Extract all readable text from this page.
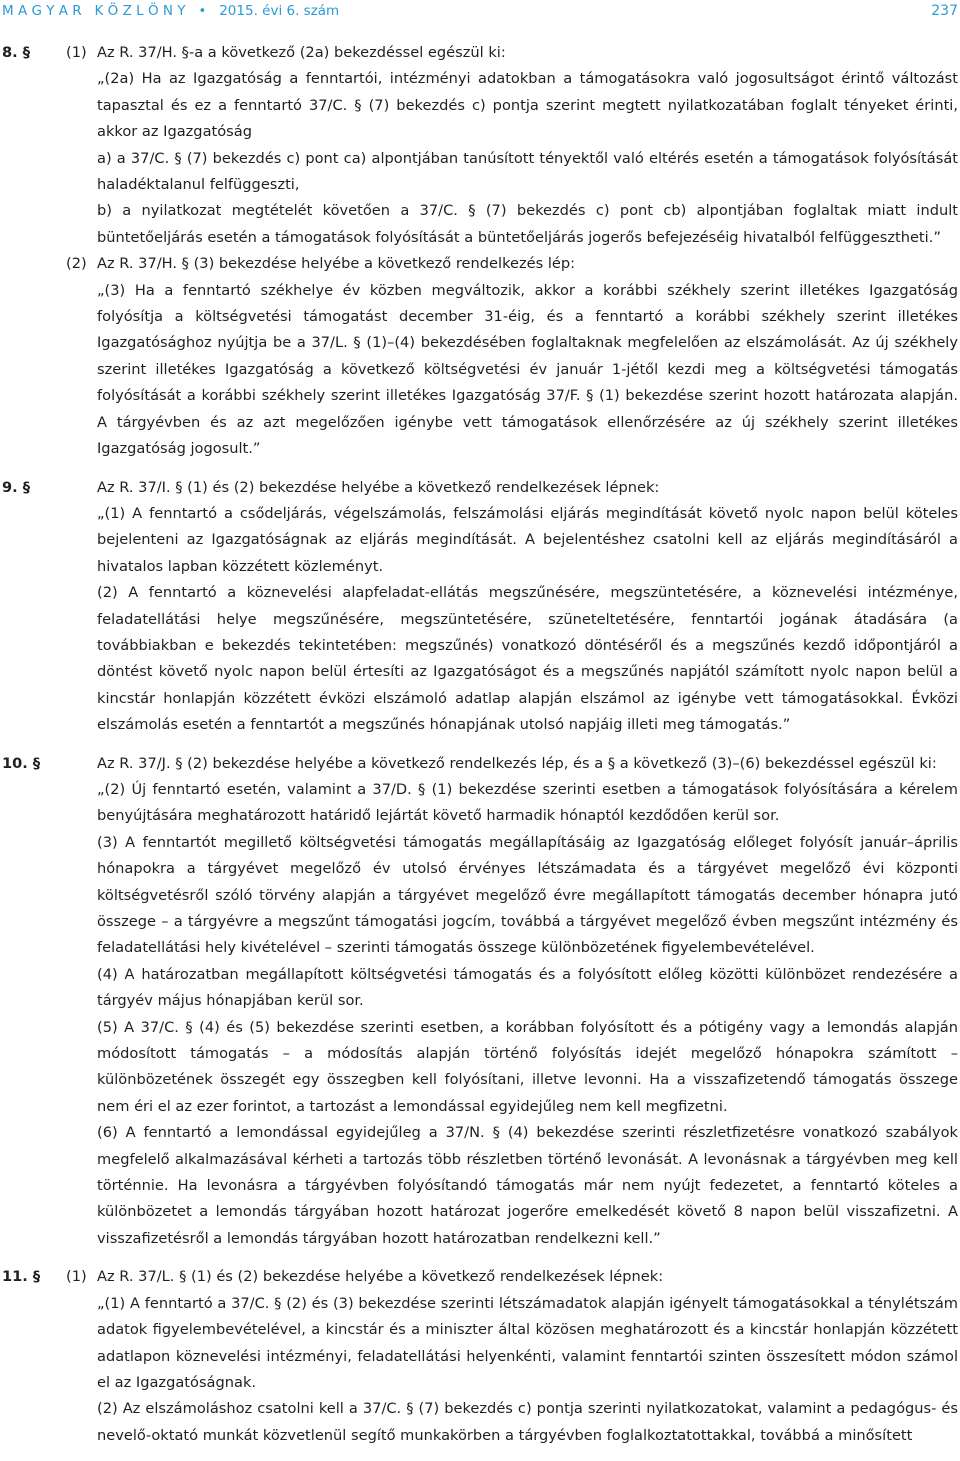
M A G Y A R   K Ö Z L Ö N Y   •   2015. évi 6. szám	237
8. § (1) Az R. 37/H. §-a a következő (2a) bekezdéssel egészül ki:

„(2a) Ha az Igazgatóság a fenntartói, intézményi adatokban a támogatásokra való jogosultságot érintő változást tapasztal és ez a fenntartó 37/C. § (7) bekezdés c) pontja szerint megtett nyilatkozatában foglalt tényeket érinti, akkor az Igazgatóság

a) a 37/C. § (7) bekezdés c) pont ca) alpontjában tanúsított tényektől való eltérés esetén a támogatások folyósítását haladéktalanul felfüggeszti,

b) a nyilatkozat megtételét követően a 37/C. § (7) bekezdés c) pont cb) alpontjában foglaltak miatt indult büntetőeljárás esetén a támogatások folyósítását a büntetőeljárás jogerős befejezéséig hivatalból felfüggesztheti.”

(2) Az R. 37/H. § (3) bekezdése helyébe a következő rendelkezés lép:

„(3) Ha a fenntartó székhelye év közben megváltozik, akkor a korábbi székhely szerint illetékes Igazgatóság folyósítja a költségvetési támogatást december 31-éig, és a fenntartó a korábbi székhely szerint illetékes Igazgatósághoz nyújtja be a 37/L. § (1)–(4) bekezdésében foglaltaknak megfelelően az elszámolását. Az új székhely szerint illetékes Igazgatóság a következő költségvetési év január 1-jétől kezdi meg a költségvetési támogatás folyósítását a korábbi székhely szerint illetékes Igazgatóság 37/F. § (1) bekezdése szerint hozott határozata alapján. A tárgyévben és az azt megelőzően igénybe vett támogatások ellenőrzésére az új székhely szerint illetékes Igazgatóság jogosult.”

9. §	Az R. 37/I. § (1) és (2) bekezdése helyébe a következő rendelkezések lépnek:

„(1) A fenntartó a csődeljárás, végelszámolás, felszámolási eljárás megindítását követő nyolc napon belül köteles bejelenteni az Igazgatóságnak az eljárás megindítását. A bejelentéshez csatolni kell az eljárás megindításáról a hivatalos lapban közzétett közleményt.

(2) A fenntartó a köznevelési alapfeladat-ellátás megszűnésére, megszüntetésére, a köznevelési intézménye, feladatellátási helye megszűnésére, megszüntetésére, szüneteltetésére, fenntartói jogának átadására (a továbbiakban e bekezdés tekintetében: megszűnés) vonatkozó döntéséről és a megszűnés kezdő időpontjáról a döntést követő nyolc napon belül értesíti az Igazgatóságot és a megszűnés napjától számított nyolc napon belül a kincstár honlapján közzétett évközi elszámoló adatlap alapján elszámol az igénybe vett támogatásokkal. Évközi elszámolás esetén a fenntartót a megszűnés hónapjának utolsó napjáig illeti meg támogatás.”

10. §	Az R. 37/J. § (2) bekezdése helyébe a következő rendelkezés lép, és a § a következő (3)–(6) bekezdéssel egészül ki:

„(2) Új fenntartó esetén, valamint a 37/D. § (1) bekezdése szerinti esetben a támogatások folyósítására a kérelem benyújtására meghatározott határidő lejártát követő harmadik hónaptól kezdődően kerül sor.

(3) A fenntartót megillető költségvetési támogatás megállapításáig az Igazgatóság előleget folyósít január–április hónapokra a tárgyévet megelőző év utolsó érvényes létszámadata és a tárgyévet megelőző évi központi költségvetésről szóló törvény alapján a tárgyévet megelőző évre megállapított támogatás december hónapra jutó összege – a tárgyévre a megszűnt támogatási jogcím, továbbá a tárgyévet megelőző évben megszűnt intézmény és feladatellátási hely kivételével – szerinti támogatás összege különbözetének figyelembevételével.

(4) A határozatban megállapított költségvetési támogatás és a folyósított előleg közötti különbözet rendezésére a tárgyév május hónapjában kerül sor.

(5) A 37/C. § (4) és (5) bekezdése szerinti esetben, a korábban folyósított és a pótigény vagy a lemondás alapján módosított támogatás – a módosítás alapján történő folyósítás idejét megelőző hónapokra számított – különbözetének összegét egy összegben kell folyósítani, illetve levonni. Ha a visszafizetendő támogatás összege nem éri el az ezer forintot, a tartozást a lemondással egyidejűleg nem kell megfizetni.

(6) A fenntartó a lemondással egyidejűleg a 37/N. § (4) bekezdése szerinti részletfizetésre vonatkozó szabályok megfelelő alkalmazásával kérheti a tartozás több részletben történő levonását. A levonásnak a tárgyévben meg kell történnie. Ha levonásra a tárgyévben folyósítandó támogatás már nem nyújt fedezetet, a fenntartó köteles a különbözetet a lemondás tárgyában hozott határozat jogerőre emelkedését követő 8 napon belül visszafizetni. A visszafizetésről a lemondás tárgyában hozott határozatban rendelkezni kell.”

11. § (1) Az R. 37/L. § (1) és (2) bekezdése helyébe a következő rendelkezések lépnek:

„(1) A fenntartó a 37/C. § (2) és (3) bekezdése szerinti létszámadatok alapján igényelt támogatásokkal a ténylétszám adatok figyelembevételével, a kincstár és a miniszter által közösen meghatározott és a kincstár honlapján közzétett adatlapon köznevelési intézményi, feladatellátási helyenkénti, valamint fenntartói szinten összesített módon számol el az Igazgatóságnak.

(2) Az elszámoláshoz csatolni kell a 37/C. § (7) bekezdés c) pontja szerinti nyilatkozatokat, valamint a pedagógus- és nevelő-oktató munkát közvetlenül segítő munkakörben a tárgyévben foglalkoztatottakkal, továbbá a minősített
